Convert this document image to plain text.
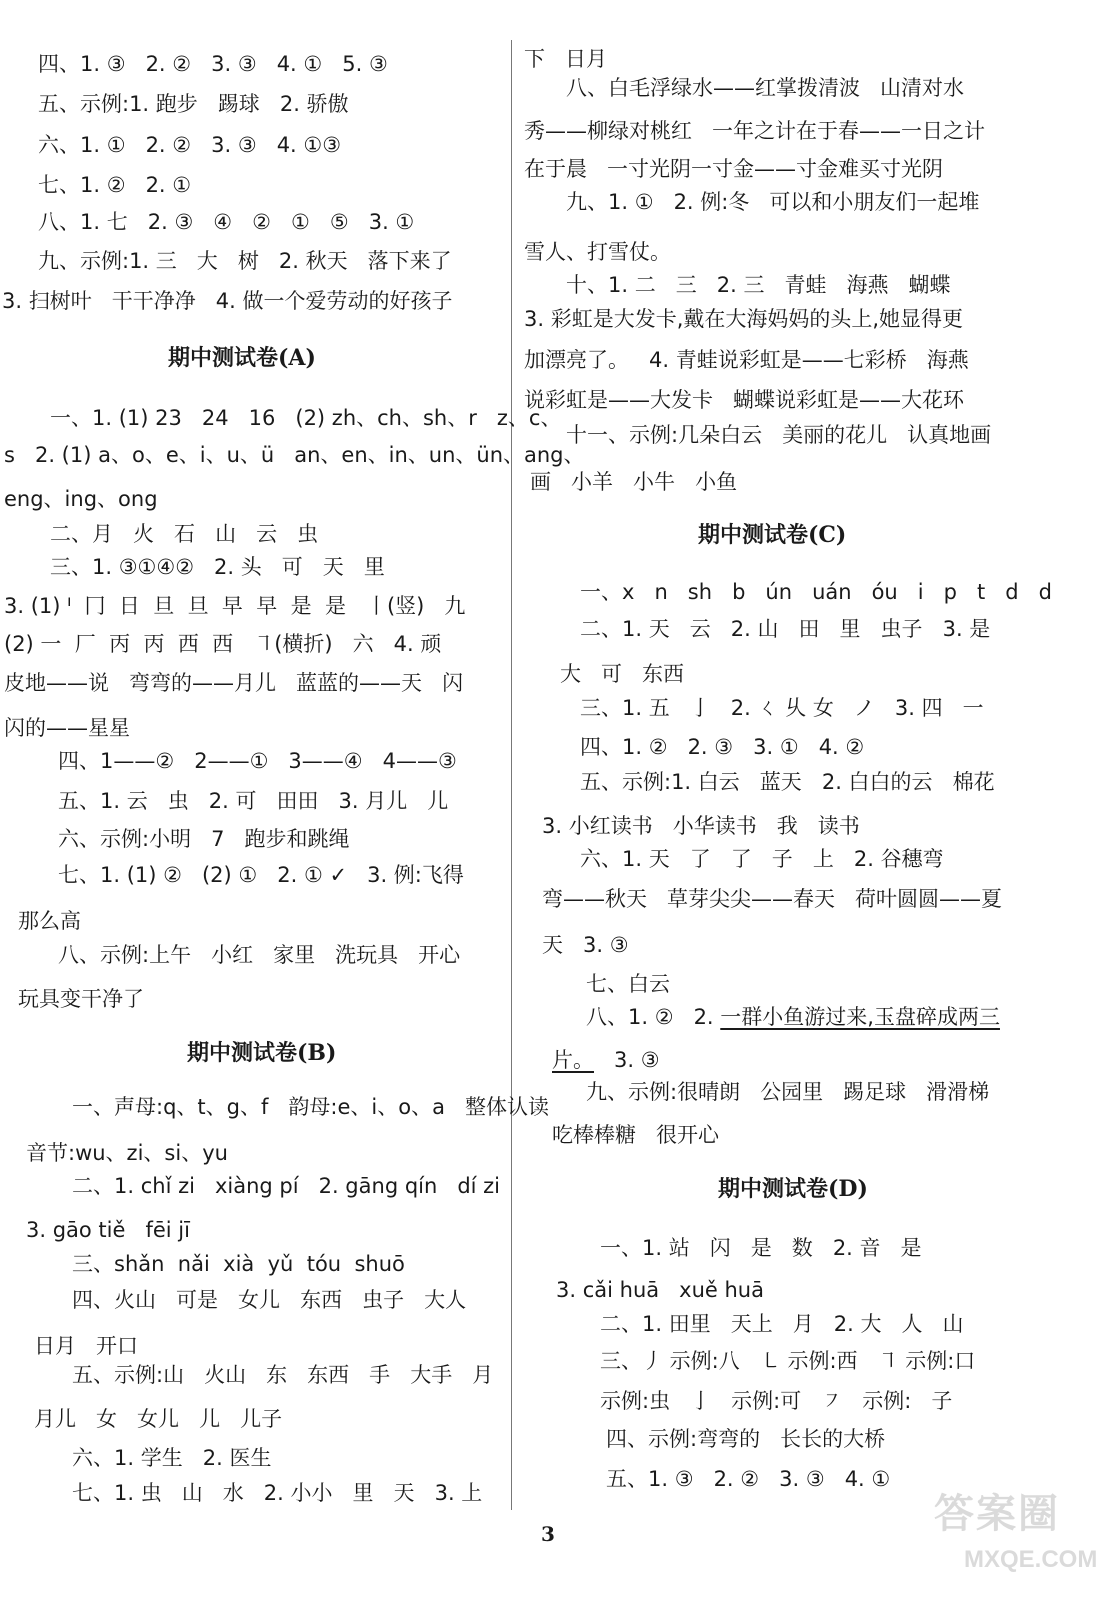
四、1. ③   2. ②   3. ③   4. ①   5. ③
五、示例:1. 跑步   踢球   2. 骄傲
六、1. ①   2. ②   3. ③   4. ①③
七、1. ②   2. ①
八、1. 七   2. ③   ④   ②   ①   ⑤   3. ①
九、示例:1. 三   大   树   2. 秋天   落下来了
3. 扫树叶   干干净净   4. 做一个爱劳动的好孩子
期中测试卷(A)
一、1. (1) 23   24   16   (2) zh、ch、sh、r   z、c、
s   2. (1) a、o、e、i、u、ü   an、en、in、un、ün、ang、
eng、ing、ong
二、月   火   石   山   云   虫
三、1. ③①④②   2. 头   可   天   里
3. (1) ᑊ  冂  日  旦  旦  早  早  是  是   丨(竖)   九
(2) 一  厂  丙  丙  西  西   ㇕(横折)   六   4. 顽
皮地——说   弯弯的——月儿   蓝蓝的——天   闪
闪的——星星
四、1——②   2——①   3——④   4——③
五、1. 云   虫   2. 可   田田   3. 月儿   儿
六、示例:小明   7   跑步和跳绳
七、1. (1) ②   (2) ①   2. ① ✓   3. 例:飞得
那么高
八、示例:上午   小红   家里   洗玩具   开心
玩具变干净了
期中测试卷(B)
一、声母:q、t、g、f   韵母:e、i、o、a   整体认读
音节:wu、zi、si、yu
二、1. chǐ zi   xiàng pí   2. gāng qín   dí zi
3. gāo tiě   fēi jī
三、shǎn  nǎi  xià  yǔ  tóu  shuō
四、火山   可是   女儿   东西   虫子   大人
日月   开口
五、示例:山   火山   东   东西   手   大手   月
月儿   女   女儿   儿   儿子
六、1. 学生   2. 医生
七、1. 虫   山   水   2. 小小   里   天   3. 上
下   日月
八、白毛浮绿水——红掌拨清波   山清对水
秀——柳绿对桃红   一年之计在于春——一日之计
在于晨   一寸光阴一寸金——寸金难买寸光阴
九、1. ①   2. 例:冬   可以和小朋友们一起堆
雪人、打雪仗。
十、1. 二   三   2. 三   青蛙   海燕   蝴蝶
3. 彩虹是大发卡,戴在大海妈妈的头上,她显得更
加漂亮了。   4. 青蛙说彩虹是——七彩桥   海燕
说彩虹是——大发卡   蝴蝶说彩虹是——大花环
十一、示例:几朵白云   美丽的花儿   认真地画
画   小羊   小牛   小鱼
期中测试卷(C)
一、x   n   sh   b   ún   uán   óu   i   p   t   d   d
二、1. 天   云   2. 山   田   里   虫子   3. 是
大   可   东西
三、1. 五   亅   2. ㄑ 乆 女   ノ   3. 四   一
四、1. ②   2. ③   3. ①   4. ②
五、示例:1. 白云   蓝天   2. 白白的云   棉花
3. 小红读书   小华读书   我   读书
六、1. 天   了   了   子   上   2. 谷穗弯
弯——秋天   草芽尖尖——春天   荷叶圆圆——夏
天   3. ③
七、白云
八、1. ②   2. 一群小鱼游过来,玉盘碎成两三
片。   3. ③
九、示例:很晴朗   公园里   踢足球   滑滑梯
吃棒棒糖   很开心
期中测试卷(D)
一、1. 站   闪   是   数   2. 音   是
3. cǎi huā   xuě huā
二、1. 田里   天上   月   2. 大   人   山
三、丿 示例:八   ㇄ 示例:西   ㇕ 示例:口
示例:虫   亅   示例:可   ㇇   示例:   子
四、示例:弯弯的   长长的大桥
五、1. ③   2. ②   3. ③   4. ①
3	答案圈
MXQE.COM
